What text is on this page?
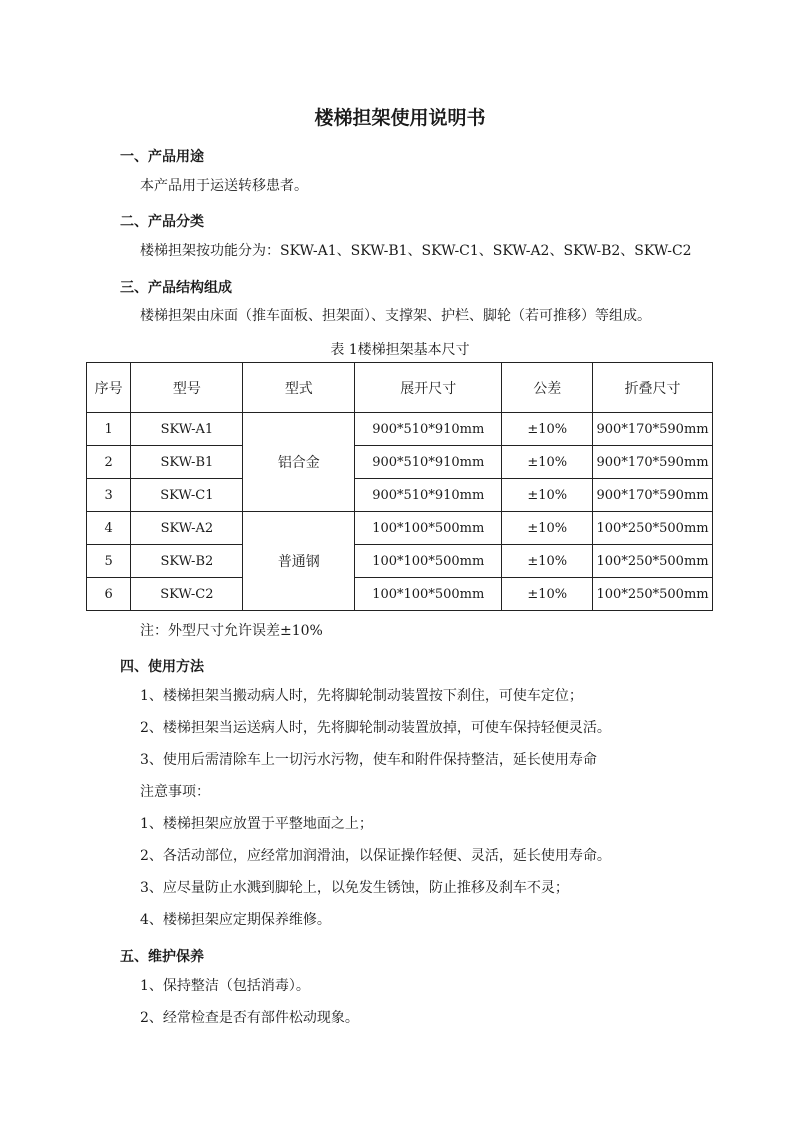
楼梯担架使用说明书
一、产品用途
本产品用于运送转移患者。
二、产品分类
楼梯担架按功能分为：SKW-A1、SKW-B1、SKW-C1、SKW-A2、SKW-B2、SKW-C2
三、产品结构组成
楼梯担架由床面（推车面板、担架面）、支撑架、护栏、脚轮（若可推移）等组成。
表 1楼梯担架基本尺寸
序号	型号	型式	展开尺寸	公差	折叠尺寸
1	SKW-A1	铝合金	900*510*910mm	±10%	900*170*590mm
2	SKW-B1		900*510*910mm	±10%	900*170*590mm
3	SKW-C1		900*510*910mm	±10%	900*170*590mm
4	SKW-A2	普通钢	100*100*500mm	±10%	100*250*500mm
5	SKW-B2		100*100*500mm	±10%	100*250*500mm
6	SKW-C2		100*100*500mm	±10%	100*250*500mm
注：外型尺寸允许误差±10%
四、使用方法
1、楼梯担架当搬动病人时，先将脚轮制动装置按下刹住，可使车定位；
2、楼梯担架当运送病人时，先将脚轮制动装置放掉，可使车保持轻便灵活。
3、使用后需清除车上一切污水污物，使车和附件保持整洁，延长使用寿命
注意事项：
1、楼梯担架应放置于平整地面之上；
2、各活动部位，应经常加润滑油，以保证操作轻便、灵活，延长使用寿命。
3、应尽量防止水溅到脚轮上，以免发生锈蚀，防止推移及刹车不灵；
4、楼梯担架应定期保养维修。
五、维护保养
1、保持整洁（包括消毒）。
2、经常检查是否有部件松动现象。
